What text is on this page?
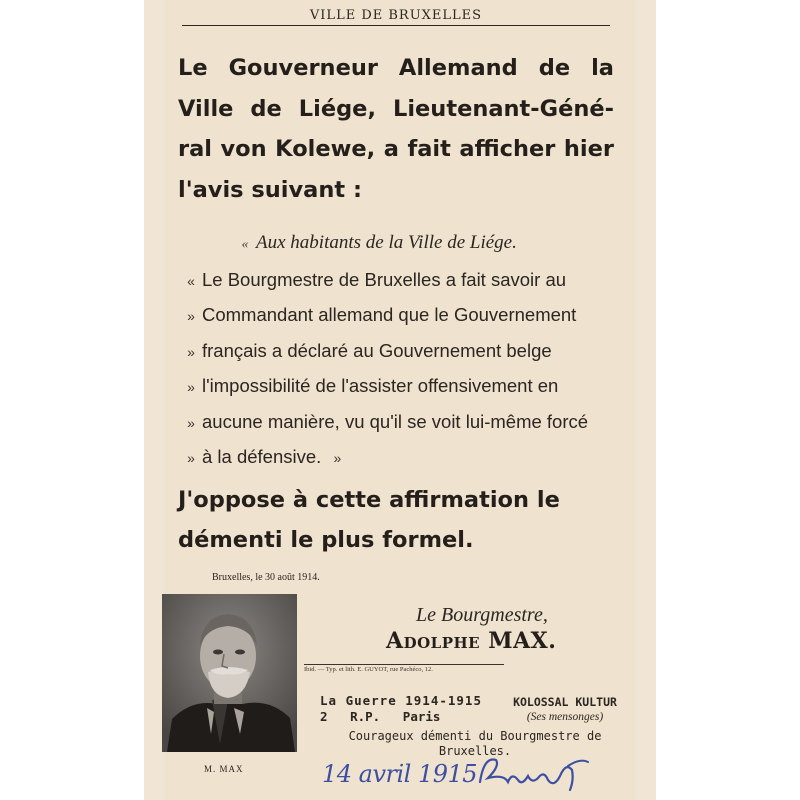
VILLE DE BRUXELLES
Le Gouverneur Allemand de la Ville de Liége, Lieutenant-Géné-ral von Kolewe, a fait afficher hier l'avis suivant :
« Aux habitants de la Ville de Liége.
« Le Bourgmestre de Bruxelles a fait savoir au
» Commandant allemand que le Gouvernement
» français a déclaré au Gouvernement belge
» l'impossibilité de l'assister offensivement en
» aucune manière, vu qu'il se voit lui-même forcé
» à la défensive. »
J'oppose à cette affirmation le démenti le plus formel.
Bruxelles, le 30 août 1914.
M. MAX
Le Bourgmestre,
Adolphe MAX.
Ibid. — Typ. et lith. E. GUYOT, rue Pachéco, 12.
La Guerre 1914-1915
2 R.P. Paris
KOLOSSAL KULTUR
(Ses mensonges)
Courageux démenti du Bourgmestre de Bruxelles.
14 avril 1915
